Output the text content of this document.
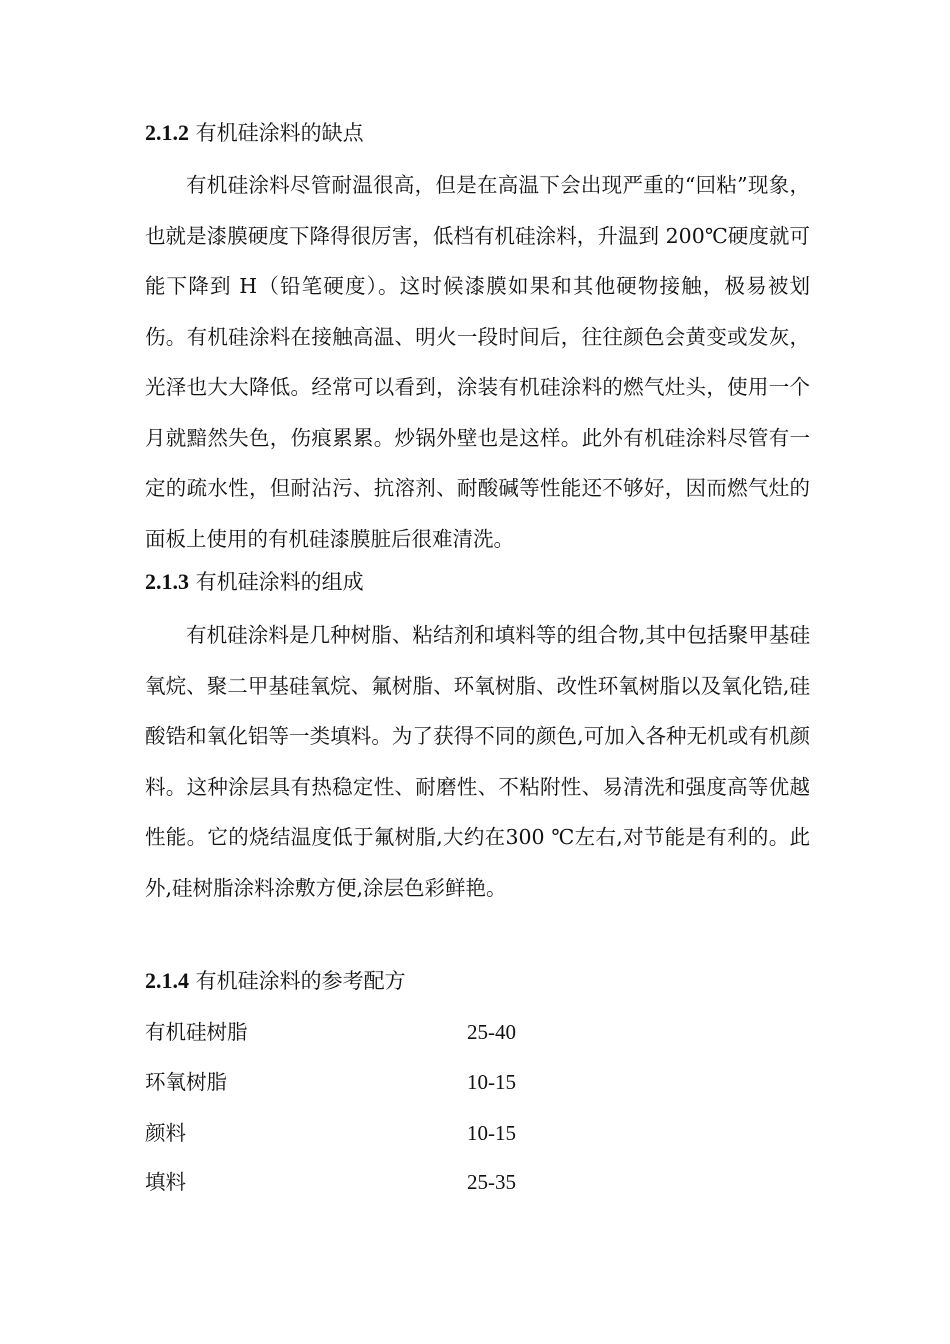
2.1.2 有机硅涂料的缺点

有机硅涂料尽管耐温很高，但是在高温下会出现严重的“回粘”现象，也就是漆膜硬度下降得很厉害，低档有机硅涂料，升温到 200℃硬度就可能下降到 H（铅笔硬度）。这时候漆膜如果和其他硬物接触，极易被划伤。有机硅涂料在接触高温、明火一段时间后，往往颜色会黄变或发灰，光泽也大大降低。经常可以看到，涂装有机硅涂料的燃气灶头，使用一个月就黯然失色，伤痕累累。炒锅外壁也是这样。此外有机硅涂料尽管有一定的疏水性，但耐沾污、抗溶剂、耐酸碱等性能还不够好，因而燃气灶的面板上使用的有机硅漆膜脏后很难清洗。

2.1.3 有机硅涂料的组成

有机硅涂料是几种树脂、粘结剂和填料等的组合物,其中包括聚甲基硅氧烷、聚二甲基硅氧烷、氟树脂、环氧树脂、改性环氧树脂以及氧化锆,硅酸锆和氧化铝等一类填料。为了获得不同的颜色,可加入各种无机或有机颜料。这种涂层具有热稳定性、耐磨性、不粘附性、易清洗和强度高等优越性能。它的烧结温度低于氟树脂,大约在300 ℃左右,对节能是有利的。此外,硅树脂涂料涂敷方便,涂层色彩鲜艳。

2.1.4 有机硅涂料的参考配方
有机硅树脂	25-40
环氧树脂	10-15
颜料	10-15
填料	25-35
